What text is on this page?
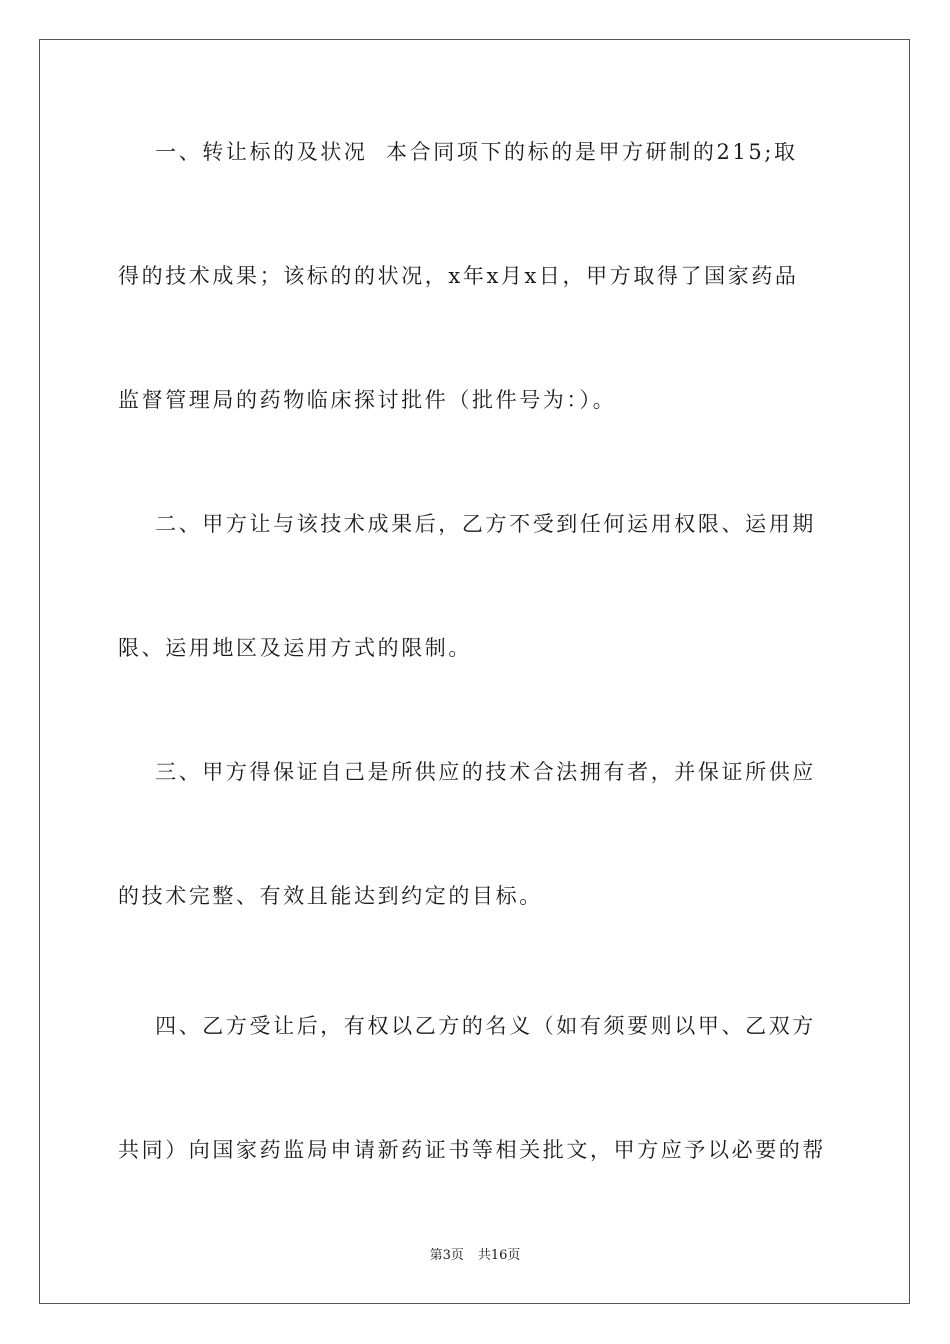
一、转让标的及状况  本合同项下的标的是甲方研制的215;取
得的技术成果；该标的的状况，x年x月x日，甲方取得了国家药品
监督管理局的药物临床探讨批件（批件号为：）。
二、甲方让与该技术成果后，乙方不受到任何运用权限、运用期
限、运用地区及运用方式的限制。
三、甲方得保证自己是所供应的技术合法拥有者，并保证所供应
的技术完整、有效且能达到约定的目标。
四、乙方受让后，有权以乙方的名义（如有须要则以甲、乙双方
共同）向国家药监局申请新药证书等相关批文，甲方应予以必要的帮
第3页 共16页
